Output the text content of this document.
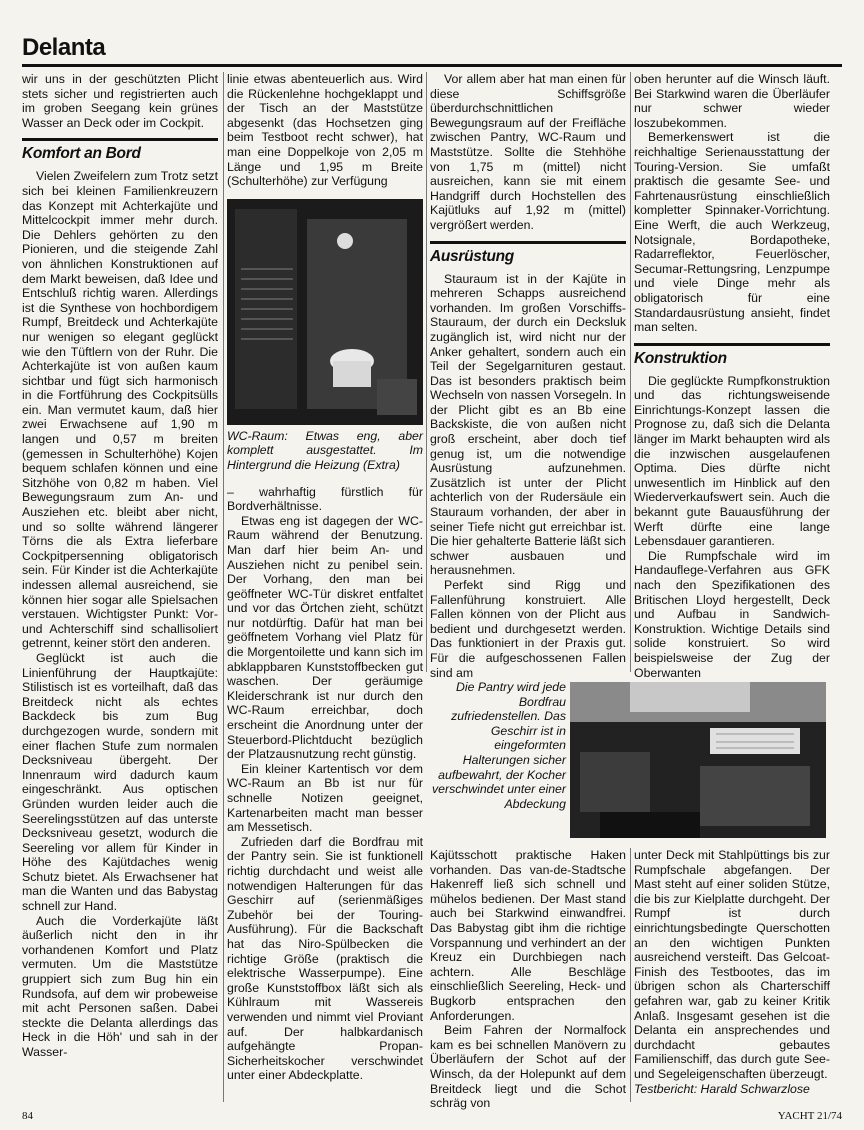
Delanta

wir uns in der geschützten Plicht stets sicher und registrierten auch im groben Seegang kein grünes Wasser an Deck oder im Cockpit.

Komfort an Bord

Vielen Zweifelern zum Trotz setzt sich bei kleinen Familienkreuzern das Konzept mit Achterkajüte und Mittelcockpit immer mehr durch. Die Dehlers gehörten zu den Pionieren, und die steigende Zahl von ähnlichen Konstruktionen auf dem Markt beweisen, daß Idee und Entschluß richtig waren. Allerdings ist die Synthese von hochbordigem Rumpf, Breitdeck und Achterkajüte nur wenigen so elegant geglückt wie den Tüftlern von der Ruhr. Die Achterkajüte ist von außen kaum sichtbar und fügt sich harmonisch in die Fortführung des Cockpitsülls ein. Man vermutet kaum, daß hier zwei Erwachsene auf 1,90 m langen und 0,57 m breiten (gemessen in Schulterhöhe) Kojen bequem schlafen können und eine Sitzhöhe von 0,82 m haben. Viel Bewegungsraum zum An- und Ausziehen etc. bleibt aber nicht, und so sollte während längerer Törns die als Extra lieferbare Cockpitpersenning obligatorisch sein. Für Kinder ist die Achterkajüte indessen allemal ausreichend, sie können hier sogar alle Spielsachen verstauen. Wichtigster Punkt: Vor- und Achterschiff sind schallisoliert getrennt, keiner stört den anderen.

Geglückt ist auch die Linienführung der Hauptkajüte: Stilistisch ist es vorteilhaft, daß das Breitdeck nicht als echtes Backdeck bis zum Bug durchgezogen wurde, sondern mit einer flachen Stufe zum normalen Decksniveau übergeht. Der Innenraum wird dadurch kaum eingeschränkt. Aus optischen Gründen wurden leider auch die Seerelingsstützen auf das unterste Decksniveau gesetzt, wodurch die Seereling vor allem für Kinder in Höhe des Kajütdaches wenig Schutz bietet. Als Erwachsener hat man die Wanten und das Babystag schnell zur Hand.

Auch die Vorderkajüte läßt äußerlich nicht den in ihr vorhandenen Komfort und Platz vermuten. Um die Maststütze gruppiert sich zum Bug hin ein Rundsofa, auf dem wir probeweise mit acht Personen saßen. Dabei steckte die Delanta allerdings das Heck in die Höh' und sah in der Wasser-

linie etwas abenteuerlich aus. Wird die Rückenlehne hochgeklappt und der Tisch an der Maststütze abgesenkt (das Hochsetzen ging beim Testboot recht schwer), hat man eine Doppelkoje von 2,05 m Länge und 1,95 m Breite (Schulterhöhe) zur Verfügung

WC-Raum: Etwas eng, aber komplett ausgestattet. Im Hintergrund die Heizung (Extra)

– wahrhaftig fürstlich für Bordverhältnisse.

Etwas eng ist dagegen der WC-Raum während der Benutzung. Man darf hier beim An- und Ausziehen nicht zu penibel sein. Der Vorhang, den man bei geöffneter WC-Tür diskret entfaltet und vor das Örtchen zieht, schützt nur notdürftig. Dafür hat man bei geöffnetem Vorhang viel Platz für die Morgentoilette und kann sich im abklappbaren Kunststoffbecken gut waschen. Der geräumige Kleiderschrank ist nur durch den WC-Raum erreichbar, doch erscheint die Anordnung unter der Steuerbord-Plichtducht bezüglich der Platzausnutzung recht günstig.

Ein kleiner Kartentisch vor dem WC-Raum an Bb ist nur für schnelle Notizen geeignet, Kartenarbeiten macht man besser am Messetisch.

Zufrieden darf die Bordfrau mit der Pantry sein. Sie ist funktionell richtig durchdacht und weist alle notwendigen Halterungen für das Geschirr auf (serienmäßiges Zubehör bei der Touring-Ausführung). Für die Backschaft hat das Niro-Spülbecken die richtige Größe (praktisch die elektrische Wasserpumpe). Eine große Kunststoffbox läßt sich als Kühlraum mit Wassereis verwenden und nimmt viel Proviant auf. Der halbkardanisch aufgehängte Propan-Sicherheitskocher verschwindet unter einer Abdeckplatte.

Vor allem aber hat man einen für diese Schiffsgröße überdurchschnittlichen Bewegungsraum auf der Freifläche zwischen Pantry, WC-Raum und Maststütze. Sollte die Stehhöhe von 1,75 m (mittel) nicht ausreichen, kann sie mit einem Handgriff durch Hochstellen des Kajütluks auf 1,92 m (mittel) vergrößert werden.

Ausrüstung

Stauraum ist in der Kajüte in mehreren Schapps ausreichend vorhanden. Im großen Vorschiffs-Stauraum, der durch ein Decksluk zugänglich ist, wird nicht nur der Anker gehaltert, sondern auch ein Teil der Segelgarnituren gestaut. Das ist besonders praktisch beim Wechseln von nassen Vorsegeln. In der Plicht gibt es an Bb eine Backskiste, die von außen nicht groß erscheint, aber doch tief genug ist, um die notwendige Ausrüstung aufzunehmen. Zusätzlich ist unter der Plicht achterlich von der Rudersäule ein Stauraum vorhanden, der aber in seiner Tiefe nicht gut erreichbar ist. Die hier gehalterte Batterie läßt sich schwer ausbauen und herausnehmen.

Perfekt sind Rigg und Fallenführung konstruiert. Alle Fallen können von der Plicht aus bedient und durchgesetzt werden. Das funktioniert in der Praxis gut. Für die aufgeschossenen Fallen sind am

oben herunter auf die Winsch läuft. Bei Starkwind waren die Überläufer nur schwer wieder loszubekommen.

Bemerkenswert ist die reichhaltige Serienausstattung der Touring-Version. Sie umfaßt praktisch die gesamte See- und Fahrtenausrüstung einschließlich kompletter Spinnaker-Vorrichtung. Eine Werft, die auch Werkzeug, Notsignale, Bordapotheke, Radarreflektor, Feuerlöscher, Secumar-Rettungsring, Lenzpumpe und viele Dinge mehr als obligatorisch für eine Standardausrüstung ansieht, findet man selten.

Konstruktion

Die geglückte Rumpfkonstruktion und das richtungsweisende Einrichtungs-Konzept lassen die Prognose zu, daß sich die Delanta länger im Markt behaupten wird als die inzwischen ausgelaufenen Optima. Dies dürfte nicht unwesentlich im Hinblick auf den Wiederverkaufswert sein. Auch die bekannt gute Bauausführung der Werft dürfte eine lange Lebensdauer garantieren.

Die Rumpfschale wird im Handauflege-Verfahren aus GFK nach den Spezifikationen des Britischen Lloyd hergestellt, Deck und Aufbau in Sandwich-Konstruktion. Wichtige Details sind solide konstruiert. So wird beispielsweise der Zug der Oberwanten

Die Pantry wird jede Bordfrau zufriedenstellen. Das Geschirr ist in eingeformten Halterungen sicher aufbewahrt, der Kocher verschwindet unter einer Abdeckung

Kajütsschott praktische Haken vorhanden. Das van-de-Stadtsche Hakenreff ließ sich schnell und mühelos bedienen. Der Mast stand auch bei Starkwind einwandfrei. Das Babystag gibt ihm die richtige Vorspannung und verhindert an der Kreuz ein Durchbiegen nach achtern. Alle Beschläge einschließlich Seereling, Heck- und Bugkorb entsprachen den Anforderungen.

Beim Fahren der Normalfock kam es bei schnellen Manövern zu Überläufern der Schot auf der Winsch, da der Holepunkt auf dem Breitdeck liegt und die Schot schräg von

unter Deck mit Stahlpüttings bis zur Rumpfschale abgefangen. Der Mast steht auf einer soliden Stütze, die bis zur Kielplatte durchgeht. Der Rumpf ist durch einrichtungsbedingte Querschotten an den wichtigen Punkten ausreichend versteift. Das Gelcoat-Finish des Testbootes, das im übrigen schon als Charterschiff gefahren war, gab zu keiner Kritik Anlaß. Insgesamt gesehen ist die Delanta ein ansprechendes und durchdacht gebautes Familienschiff, das durch gute See- und Segeleigenschaften überzeugt.

Testbericht: Harald Schwarzlose

84	YACHT 21/74
